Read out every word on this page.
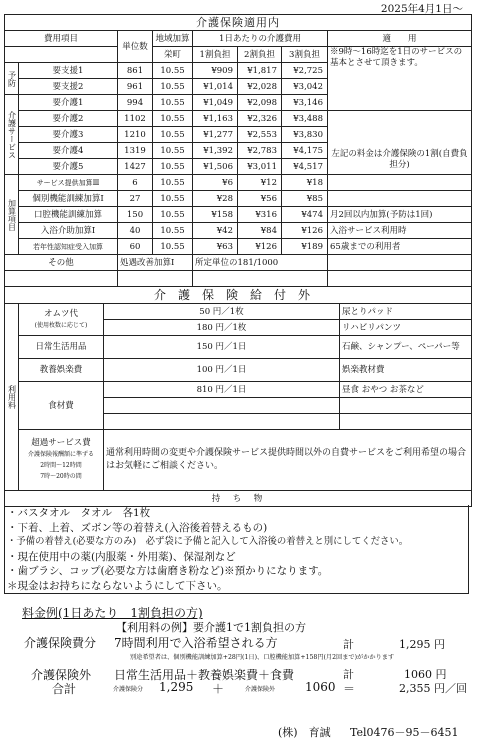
2025年4月1日～
介護保険適用内							
費用項目		単位数	地域加算	1日あたりの介護費用			適　　用
			栄町	1割負担	2割負担	3割負担	※9時～16時迄を1日のサービスの基本とさせて頂きます。
予防	要支援1	861	10.55	¥909	¥1,817	¥2,725	
	要支援2	961	10.55	¥1,014	¥2,028	¥3,042	
介護サービス	要介護1	994	10.55	¥1,049	¥2,098	¥3,146	
	要介護2	1102	10.55	¥1,163	¥2,326	¥3,488	左記の料金は介護保険の1割(自費負担分)
	要介護3	1210	10.55	¥1,277	¥2,553	¥3,830	
	要介護4	1319	10.55	¥1,392	¥2,783	¥4,175	
	要介護5	1427	10.55	¥1,506	¥3,011	¥4,517	
加算項目	サービス提供加算Ⅲ	6	10.55	¥6	¥12	¥18	
	個別機能訓練加算Ⅰ	27	10.55	¥28	¥56	¥85	
	口腔機能訓練加算	150	10.55	¥158	¥316	¥474	月2回以内加算(予防は1回)
	入浴介助加算Ⅰ	40	10.55	¥42	¥84	¥126	入浴サービス利用時
	若年性認知症受入加算	60	10.55	¥63	¥126	¥189	65歳までの利用者
その他		処遇改善加算Ⅰ		所定単位の181/1000			

介護保険給付外			
利用料	オムツ代
(使用枚数に応じて)	50 円／1枚	尿とりパッド
		180 円／1枚	リハビリパンツ
	日常生活用品	150 円／1日	石鹸、シャンプー、ペーパー等
	教養娯楽費	100 円／1日	娯楽教材費
	食材費	810 円／1日	昼食 おやつ お茶など

	超過サービス費
介護保険報酬額に準ずる
2時間～12時間
7時～20時の間	通常利用時間の変更や介護保険サービス提供時間以外の自費サービスをご利用希望の場合はお気軽にご相談ください。	

持　ち　物			
・バスタオル　タオル　各1枚
・下着、上着、ズボン等の着替え(入浴後着替えるもの)
・予備の着替え(必要な方のみ)　必ず袋に予備と記入して入浴後の着替えと別にしてください。
・現在使用中の薬(内服薬・外用薬)、保湿剤など
・歯ブラシ、コップ(必要な方は歯磨き粉など)※預かりになります。
＊現金はお持ちにならないようにして下さい。
料金例(1日あたり　1割負担の方)
【利用料の例】要介護1で1割負担の方
介護保険費分 7時間利用で入浴希望される方	計	1,295 円
別途希望者は、個別機能訓練加算+28円(1日)、口腔機能加算+158円(月2回まで)がかかります
介護保険外 日常生活用品＋教養娯楽費＋食費	計	1060 円
合計	介護保険分 1,295 ＋	介護保険外 1060 ＝	2,355 円／回
(株)　育誠 Tel0476－95－6451
